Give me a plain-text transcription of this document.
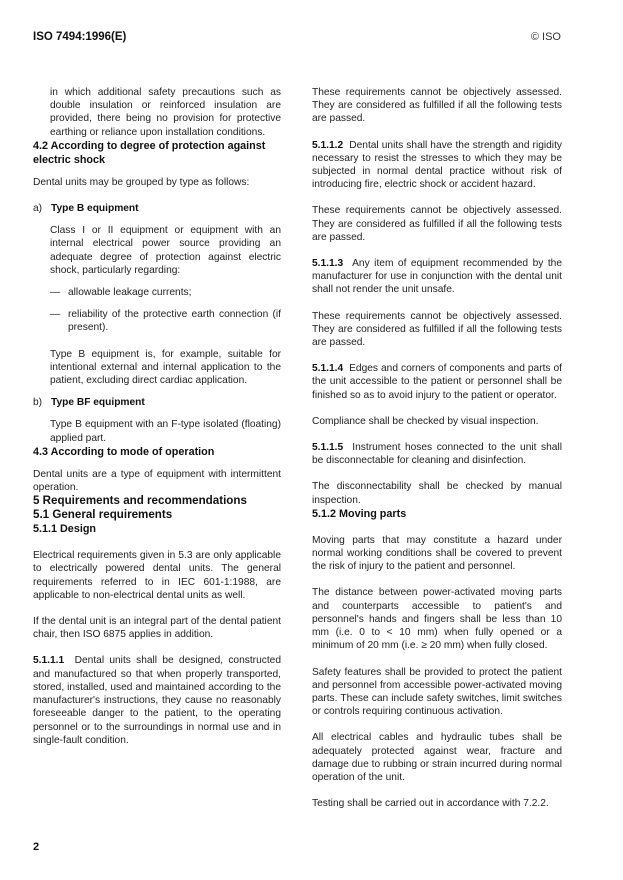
ISO 7494:1996(E)	© ISO

in which additional safety precautions such as double insulation or reinforced insulation are provided, there being no provision for protective earthing or reliance upon installation conditions.

4.2 According to degree of protection against electric shock

Dental units may be grouped by type as follows:

a) Type B equipment

Class I or II equipment or equipment with an internal electrical power source providing an adequate degree of protection against electric shock, particularly regarding:

— allowable leakage currents;
— reliability of the protective earth connection (if present).

Type B equipment is, for example, suitable for intentional external and internal application to the patient, excluding direct cardiac application.

b) Type BF equipment

Type B equipment with an F-type isolated (floating) applied part.

4.3 According to mode of operation

Dental units are a type of equipment with intermittent operation.

5 Requirements and recommendations
5.1 General requirements
5.1.1 Design

Electrical requirements given in 5.3 are only applicable to electrically powered dental units. The general requirements referred to in IEC 601-1:1988, are applicable to non-electrical dental units as well.

If the dental unit is an integral part of the dental patient chair, then ISO 6875 applies in addition.

5.1.1.1 Dental units shall be designed, constructed and manufactured so that when properly transported, stored, installed, used and maintained according to the manufacturer's instructions, they cause no reasonably foreseeable danger to the patient, to the operating personnel or to the surroundings in normal use and in single-fault condition.

These requirements cannot be objectively assessed. They are considered as fulfilled if all the following tests are passed.

5.1.1.2 Dental units shall have the strength and rigidity necessary to resist the stresses to which they may be subjected in normal dental practice without risk of introducing fire, electric shock or accident hazard.

These requirements cannot be objectively assessed. They are considered as fulfilled if all the following tests are passed.

5.1.1.3 Any item of equipment recommended by the manufacturer for use in conjunction with the dental unit shall not render the unit unsafe.

These requirements cannot be objectively assessed. They are considered as fulfilled if all the following tests are passed.

5.1.1.4 Edges and corners of components and parts of the unit accessible to the patient or personnel shall be finished so as to avoid injury to the patient or operator.

Compliance shall be checked by visual inspection.

5.1.1.5 Instrument hoses connected to the unit shall be disconnectable for cleaning and disinfection.

The disconnectability shall be checked by manual inspection.

5.1.2 Moving parts

Moving parts that may constitute a hazard under normal working conditions shall be covered to prevent the risk of injury to the patient and personnel.

The distance between power-activated moving parts and counterparts accessible to patient's and personnel's hands and fingers shall be less than 10 mm (i.e. 0 to < 10 mm) when fully opened or a minimum of 20 mm (i.e. ≥ 20 mm) when fully closed.

Safety features shall be provided to protect the patient and personnel from accessible power-activated moving parts. These can include safety switches, limit switches or controls requiring continuous activation.

All electrical cables and hydraulic tubes shall be adequately protected against wear, fracture and damage due to rubbing or strain incurred during normal operation of the unit.

Testing shall be carried out in accordance with 7.2.2.

2
